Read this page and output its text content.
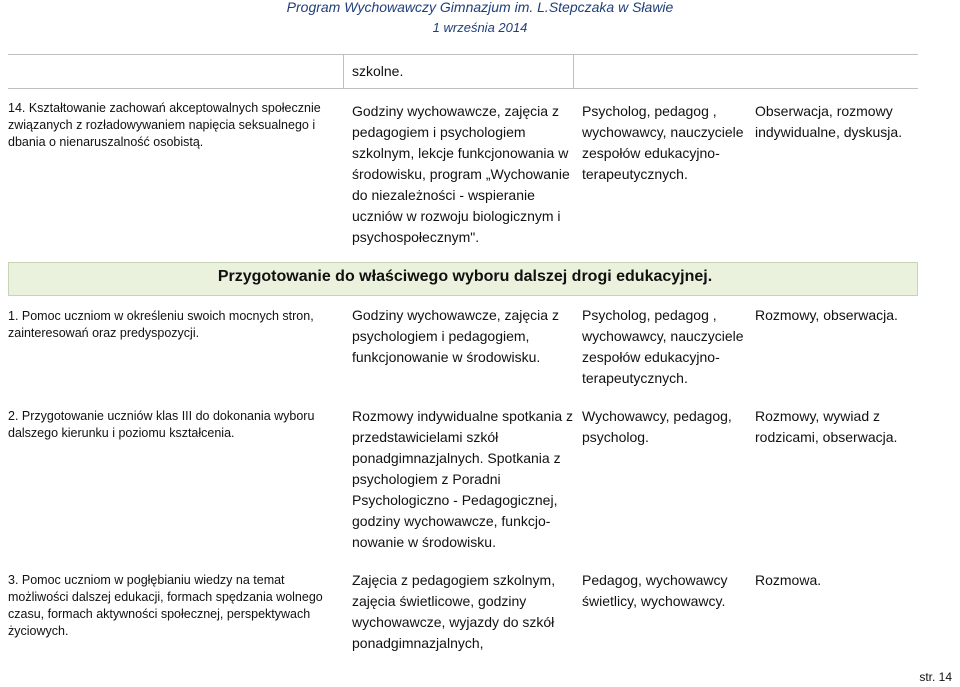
Program Wychowawczy Gimnazjum im. L.Stepczaka w Sławie
1 września 2014
szkolne.
14. Kształtowanie zachowań akceptowalnych społecznie związanych z rozładowywaniem napięcia seksualnego i dbania o nienaruszalność osobistą.
Godziny wychowawcze, zajęcia z pedagogiem i psychologiem szkolnym, lekcje funkcjonowania w środowisku, program „Wychowanie do niezależności - wspieranie uczniów w rozwoju biologicznym i psychospołecznym".
Psycholog, pedagog , wychowawcy, nauczyciele zespołów edukacyjno-terapeutycznych.
Obserwacja, rozmowy indywidualne, dyskusja.
Przygotowanie do właściwego wyboru dalszej drogi edukacyjnej.
1. Pomoc uczniom w określeniu swoich mocnych stron, zainteresowań oraz predyspozycji.
Godziny wychowawcze, zajęcia z psychologiem i pedagogiem, funkcjonowanie w środowisku.
Psycholog, pedagog , wychowawcy, nauczyciele zespołów edukacyjno-terapeutycznych.
Rozmowy, obserwacja.
2. Przygotowanie uczniów klas III do dokonania wyboru dalszego kierunku i poziomu kształcenia.
Rozmowy indywidualne spotkania z przedstawicielami szkół ponadgimnazjalnych. Spotkania z psychologiem z Poradni Psychologiczno - Pedagogicznej, godziny wychowawcze, funkcjo-nowanie w środowisku.
Wychowawcy, pedagog, psycholog.
Rozmowy, wywiad z rodzicami, obserwacja.
3. Pomoc uczniom w pogłębianiu wiedzy na temat możliwości dalszej edukacji, formach spędzania wolnego czasu, formach aktywności społecznej, perspektywach życiowych.
Zajęcia z pedagogiem szkolnym, zajęcia świetlicowe, godziny wychowawcze, wyjazdy do szkół ponadgimnazjalnych,
Pedagog, wychowawcy świetlicy, wychowawcy.
Rozmowa.
str. 14
